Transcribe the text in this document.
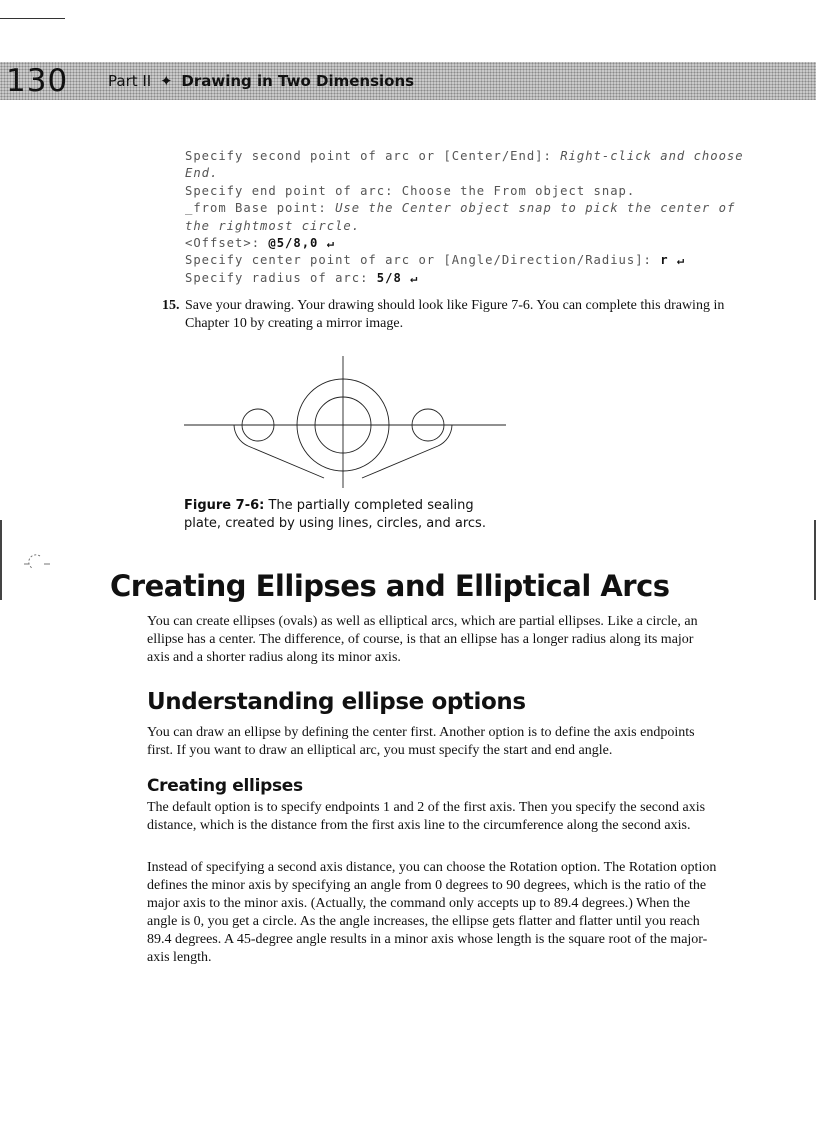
130	Part II ✦ Drawing in Two Dimensions
Specify second point of arc or [Center/End]: Right-click and choose
End.
Specify end point of arc: Choose the From object snap.
_from Base point: Use the Center object snap to pick the center of
the rightmost circle.
<Offset>: @5/8,0 ↵
Specify center point of arc or [Angle/Direction/Radius]: r ↵
Specify radius of arc: 5/8 ↵
15. Save your drawing. Your drawing should look like Figure 7-6. You can complete this drawing in Chapter 10 by creating a mirror image.
Figure 7-6: The partially completed sealing plate, created by using lines, circles, and arcs.
Creating Ellipses and Elliptical Arcs
You can create ellipses (ovals) as well as elliptical arcs, which are partial ellipses. Like a circle, an ellipse has a center. The difference, of course, is that an ellipse has a longer radius along its major axis and a shorter radius along its minor axis.
Understanding ellipse options
You can draw an ellipse by defining the center first. Another option is to define the axis endpoints first. If you want to draw an elliptical arc, you must specify the start and end angle.
Creating ellipses
The default option is to specify endpoints 1 and 2 of the first axis. Then you specify the second axis distance, which is the distance from the first axis line to the circumference along the second axis.
Instead of specifying a second axis distance, you can choose the Rotation option. The Rotation option defines the minor axis by specifying an angle from 0 degrees to 90 degrees, which is the ratio of the major axis to the minor axis. (Actually, the command only accepts up to 89.4 degrees.) When the angle is 0, you get a circle. As the angle increases, the ellipse gets flatter and flatter until you reach 89.4 degrees. A 45-degree angle results in a minor axis whose length is the square root of the major-axis length.
